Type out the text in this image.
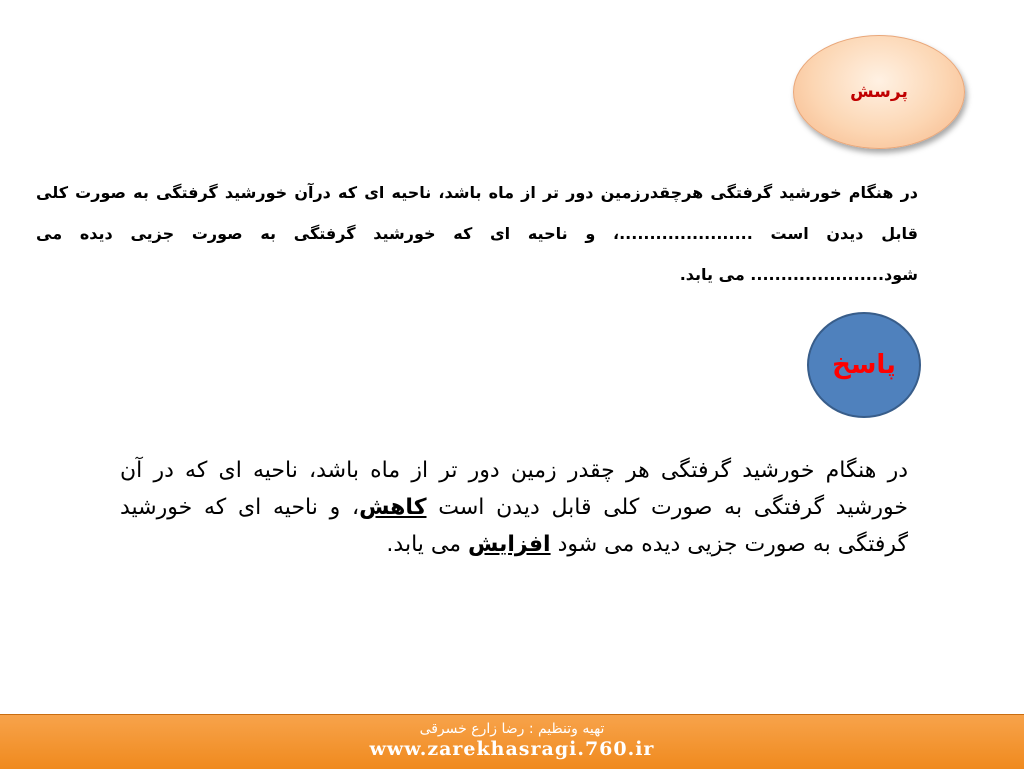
پرسش
در هنگام خورشید گرفتگی هرچقدرزمین دور تر از ماه باشد، ناحیه ای که درآن خورشید گرفتگی به صورت کلی قابل دیدن است ......................، و ناحیه ای که خورشید گرفتگی به صورت جزیی دیده می شود...................... می یابد.
پاسخ
در هنگام خورشید گرفتگی هر چقدر زمین دور تر از ماه باشد، ناحیه ای که در آن خورشید گرفتگی به صورت کلی قابل دیدن است کاهش، و ناحیه ای که خورشید گرفتگی به صورت جزیی دیده می شود افزایش می یابد.
تهیه وتنظیم : رضا زارع خسرقی
www.zarekhasragi.760.ir
